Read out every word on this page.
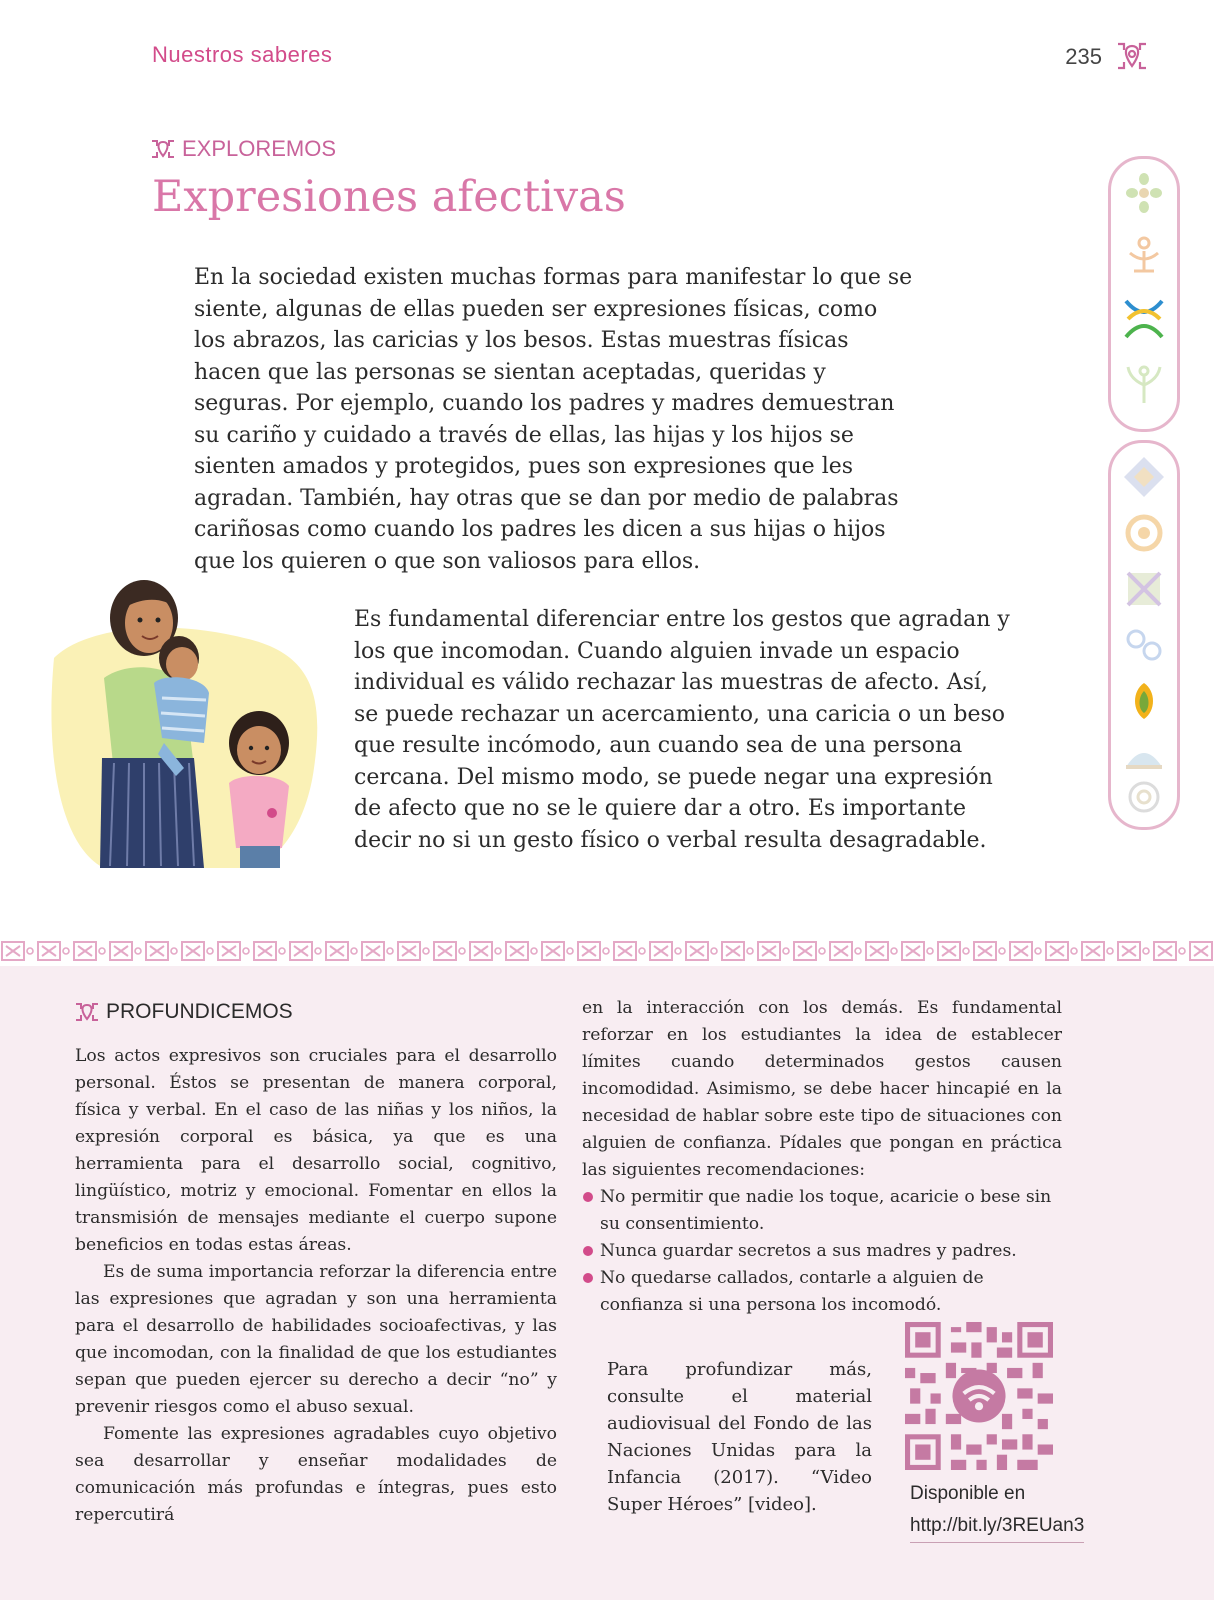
Nuestros saberes	235
EXPLOREMOS
Expresiones afectivas

En la sociedad existen muchas formas para manifestar lo que se siente, algunas de ellas pueden ser expresiones físicas, como los abrazos, las caricias y los besos. Estas muestras físicas hacen que las personas se sientan aceptadas, queridas y seguras. Por ejemplo, cuando los padres y madres demuestran su cariño y cuidado a través de ellas, las hijas y los hijos se sienten amados y protegidos, pues son expresiones que les agradan. También, hay otras que se dan por medio de palabras cariñosas como cuando los padres les dicen a sus hijas o hijos que los quieren o que son valiosos para ellos.

Es fundamental diferenciar entre los gestos que agradan y los que incomodan. Cuando alguien invade un espacio individual es válido rechazar las muestras de afecto. Así, se puede rechazar un acercamiento, una caricia o un beso que resulte incómodo, aun cuando sea de una persona cercana. Del mismo modo, se puede negar una expresión de afecto que no se le quiere dar a otro. Es importante decir no si un gesto físico o verbal resulta desagradable.

PROFUNDICEMOS

Los actos expresivos son cruciales para el desarrollo personal. Éstos se presentan de manera corporal, física y verbal. En el caso de las niñas y los niños, la expresión corporal es básica, ya que es una herramienta para el desarrollo social, cognitivo, lingüístico, motriz y emocional. Fomentar en ellos la transmisión de mensajes mediante el cuerpo supone beneficios en todas estas áreas.

Es de suma importancia reforzar la diferencia entre las expresiones que agradan y son una herramienta para el desarrollo de habilidades socioafectivas, y las que incomodan, con la finalidad de que los estudiantes sepan que pueden ejercer su derecho a decir “no” y prevenir riesgos como el abuso sexual.

Fomente las expresiones agradables cuyo objetivo sea desarrollar y enseñar modalidades de comunicación más profundas e íntegras, pues esto repercutirá

en la interacción con los demás. Es fundamental reforzar en los estudiantes la idea de establecer límites cuando determinados gestos causen incomodidad. Asimismo, se debe hacer hincapié en la necesidad de hablar sobre este tipo de situaciones con alguien de confianza. Pídales que pongan en práctica las siguientes recomendaciones:

No permitir que nadie los toque, acaricie o bese sin su consentimiento.
Nunca guardar secretos a sus madres y padres.
No quedarse callados, contarle a alguien de confianza si una persona los incomodó.

Para profundizar más, consulte el material audiovisual del Fondo de las Naciones Unidas para la Infancia (2017). “Video Super Héroes” [video].

Disponible en
http://bit.ly/3REUan3
